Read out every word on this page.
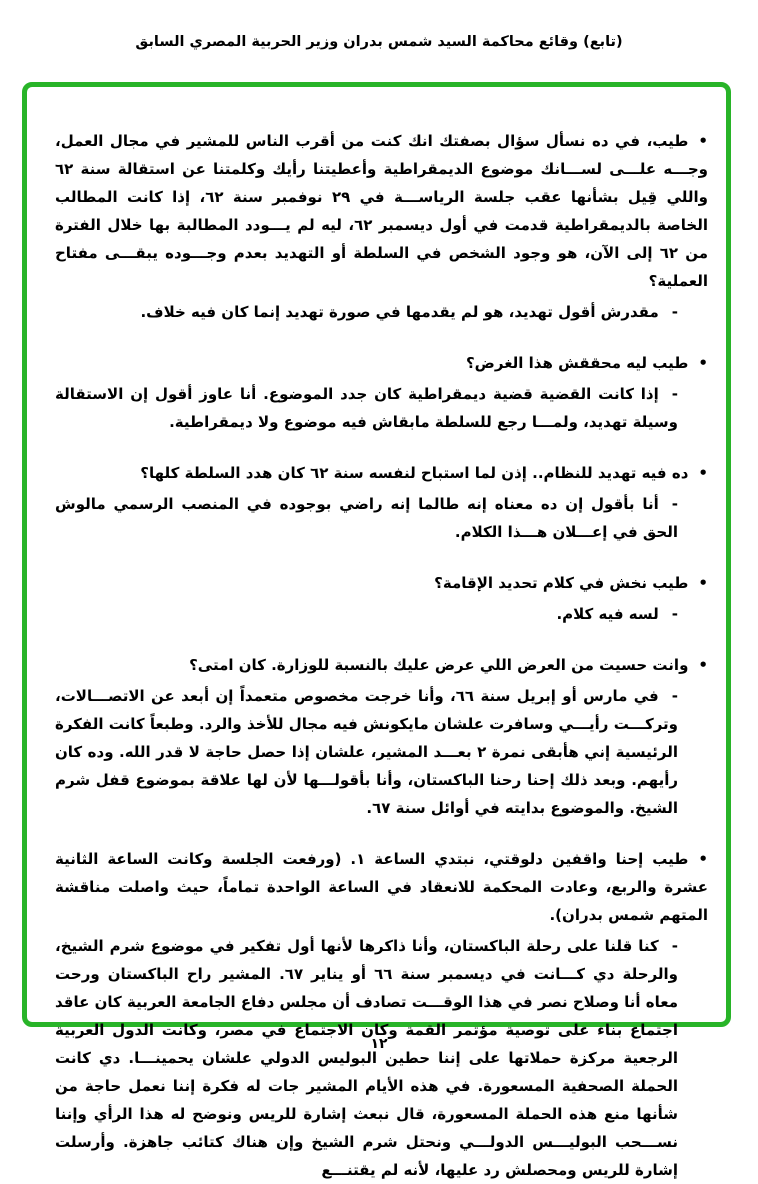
(تابع) وقائع محاكمة السيد شمس بدران وزير الحربية المصري السابق
•طيب، في ده نسأل سؤال بصفتك انك كنت من أقرب الناس للمشير في مجال العمل، وجـــه علـــى لســـانك موضوع الديمقراطية وأعطيتنا رأيك وكلمتنا عن استقالة سنة ٦٢ واللي قِيل بشأنها عقب جلسة الرياســـة في ٢٩ نوفمبر سنة ٦٢، إذا كانت المطالب الخاصة بالديمقراطية قدمت في أول ديسمبر ٦٢، ليه لم يـــودد المطالبة بها خلال الفترة من ٦٢ إلى الآن، هو وجود الشخص في السلطة أو التهديد بعدم وجـــوده يبقـــى مفتاح العملية؟
-مقدرش أقول تهديد، هو لم يقدمها في صورة تهديد إنما كان فيه خلاف.
•طيب ليه محققش هذا الغرض؟
-إذا كانت القضية قضية ديمقراطية كان جدد الموضوع. أنا عاوز أقول إن الاستقالة وسيلة تهديد، ولمـــا رجع للسلطة مابقاش فيه موضوع ولا ديمقراطية.
•ده فيه تهديد للنظام.. إذن لما استباح لنفسه سنة ٦٢ كان هدد السلطة كلها؟
-أنا بأقول إن ده معناه إنه طالما إنه راضي بوجوده في المنصب الرسمي مالوش الحق في إعـــلان هـــذا الكلام.
•طيب نخش في كلام تحديد الإقامة؟
-لسه فيه كلام.
•وانت حسيت من العرض اللي عرض عليك بالنسبة للوزارة. كان امتى؟
-في مارس أو إبريل سنة ٦٦، وأنا خرجت مخصوص متعمداً إن أبعد عن الاتصـــالات، وتركـــت رأيـــي وسافرت علشان مايكونش فيه مجال للأخذ والرد. وطبعاً كانت الفكرة الرئيسية إني هأبقى نمرة ٢ بعـــد المشير، علشان إذا حصل حاجة لا قدر الله. وده كان رأيهم. وبعد ذلك إحنا رحنا الباكستان، وأنا بأقولـــها لأن لها علاقة بموضوع قفل شرم الشيخ. والموضوع بدايته في أوائل سنة ٦٧.
•طيب إحنا واقفين دلوقتي، نبتدي الساعة ١. (ورفعت الجلسة وكانت الساعة الثانية عشرة والربع، وعادت المحكمة للانعقاد في الساعة الواحدة تماماً، حيث واصلت مناقشة المتهم شمس بدران).
-كنا قلنا على رحلة الباكستان، وأنا ذاكرها لأنها أول تفكير في موضوع شرم الشيخ، والرحلة دي كـــانت في ديسمبر سنة ٦٦ أو يناير ٦٧. المشير راح الباكستان ورحت معاه أنا وصلاح نصر في هذا الوقـــت تصادف أن مجلس دفاع الجامعة العربية كان عاقد اجتماع بناء على توصية مؤتمر القمة وكان الاجتماع في مصر، وكانت الدول العربية الرجعية مركزة حملاتها على إننا حطين البوليس الدولي علشان يحمينـــا. دي كانت الحملة الصحفية المسعورة. في هذه الأيام المشير جات له فكرة إننا نعمل حاجة من شأنها منع هذه الحملة المسعورة، قال نبعث إشارة للريس ونوضح له هذا الرأي وإننا نســـحب البوليـــس الدولـــي ونحتل شرم الشيخ وإن هناك كتائب جاهزة. وأرسلت إشارة للريس ومحصلش رد عليها، لأنه لم يقتنـــع
١٢
